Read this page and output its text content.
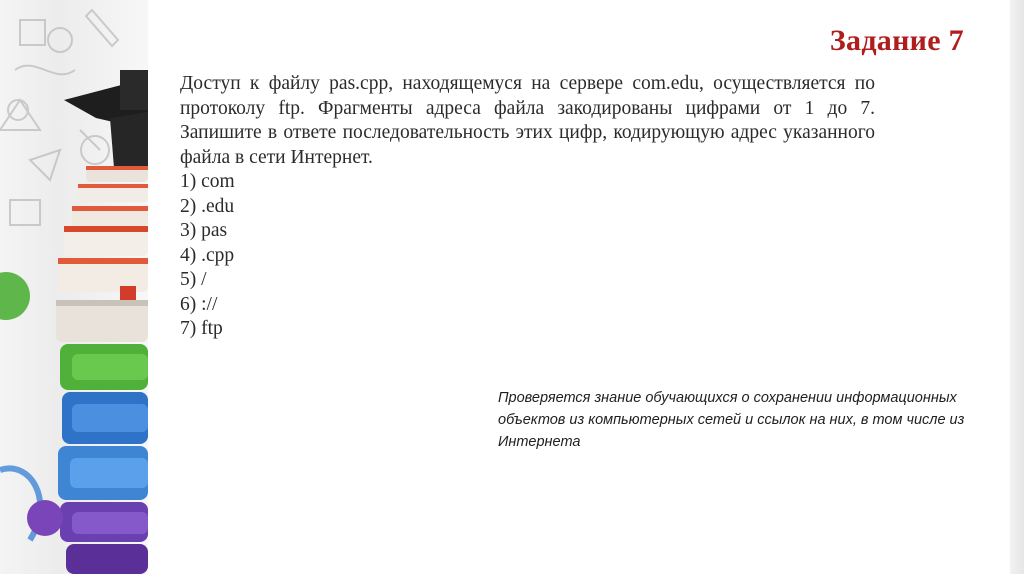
Задание 7

Доступ к файлу pas.cpp, находящемуся на сервере com.edu, осуществляется по протоколу ftp. Фрагменты адреса файла закодированы цифрами от 1 до 7. Запишите в ответе последовательность этих цифр, кодирующую адрес указанного файла в сети Интернет.

1) com
2) .edu
3) pas
4) .cpp
5) /
6) ://
7) ftp
Проверяется знание обучающихся о сохранении информационных объектов из компьютерных сетей и ссылок на них, в том числе из Интернета
